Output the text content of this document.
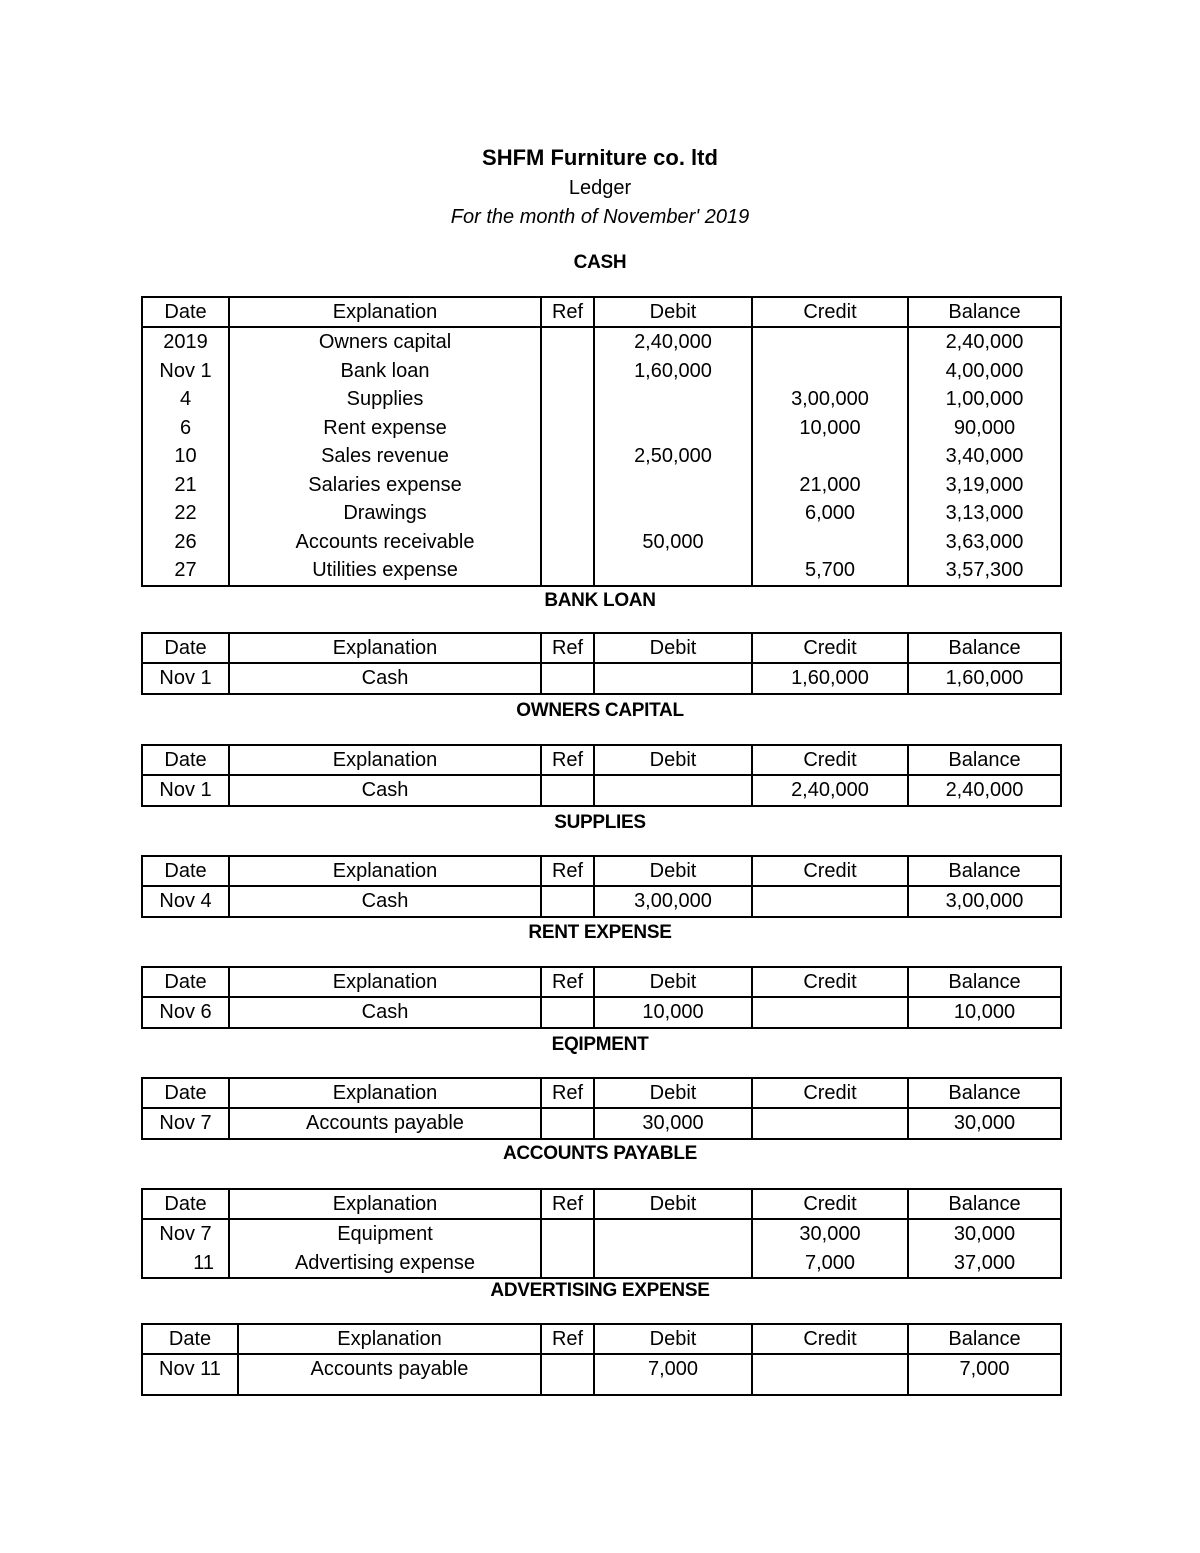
SHFM Furniture co. ltd
Ledger
For the month of November' 2019
CASH
Date	Explanation	Ref	Debit	Credit	Balance
2019	Owners capital		2,40,000		2,40,000
Nov 1	Bank loan		1,60,000		4,00,000
4	Supplies			3,00,000	1,00,000
6	Rent expense			10,000	90,000
10	Sales revenue		2,50,000		3,40,000
21	Salaries expense			21,000	3,19,000
22	Drawings			6,000	3,13,000
26	Accounts receivable		50,000		3,63,000
27	Utilities expense			5,700	3,57,300
BANK LOAN
Date	Explanation	Ref	Debit	Credit	Balance
Nov 1	Cash			1,60,000	1,60,000
OWNERS CAPITAL
Date	Explanation	Ref	Debit	Credit	Balance
Nov 1	Cash			2,40,000	2,40,000
SUPPLIES
Date	Explanation	Ref	Debit	Credit	Balance
Nov 4	Cash		3,00,000		3,00,000
RENT EXPENSE
Date	Explanation	Ref	Debit	Credit	Balance
Nov 6	Cash		10,000		10,000
EQIPMENT
Date	Explanation	Ref	Debit	Credit	Balance
Nov 7	Accounts payable		30,000		30,000
ACCOUNTS PAYABLE
Date	Explanation	Ref	Debit	Credit	Balance
Nov 7	Equipment			30,000	30,000
11	Advertising expense			7,000	37,000
ADVERTISING EXPENSE
Date	Explanation	Ref	Debit	Credit	Balance
Nov 11	Accounts payable		7,000		7,000
